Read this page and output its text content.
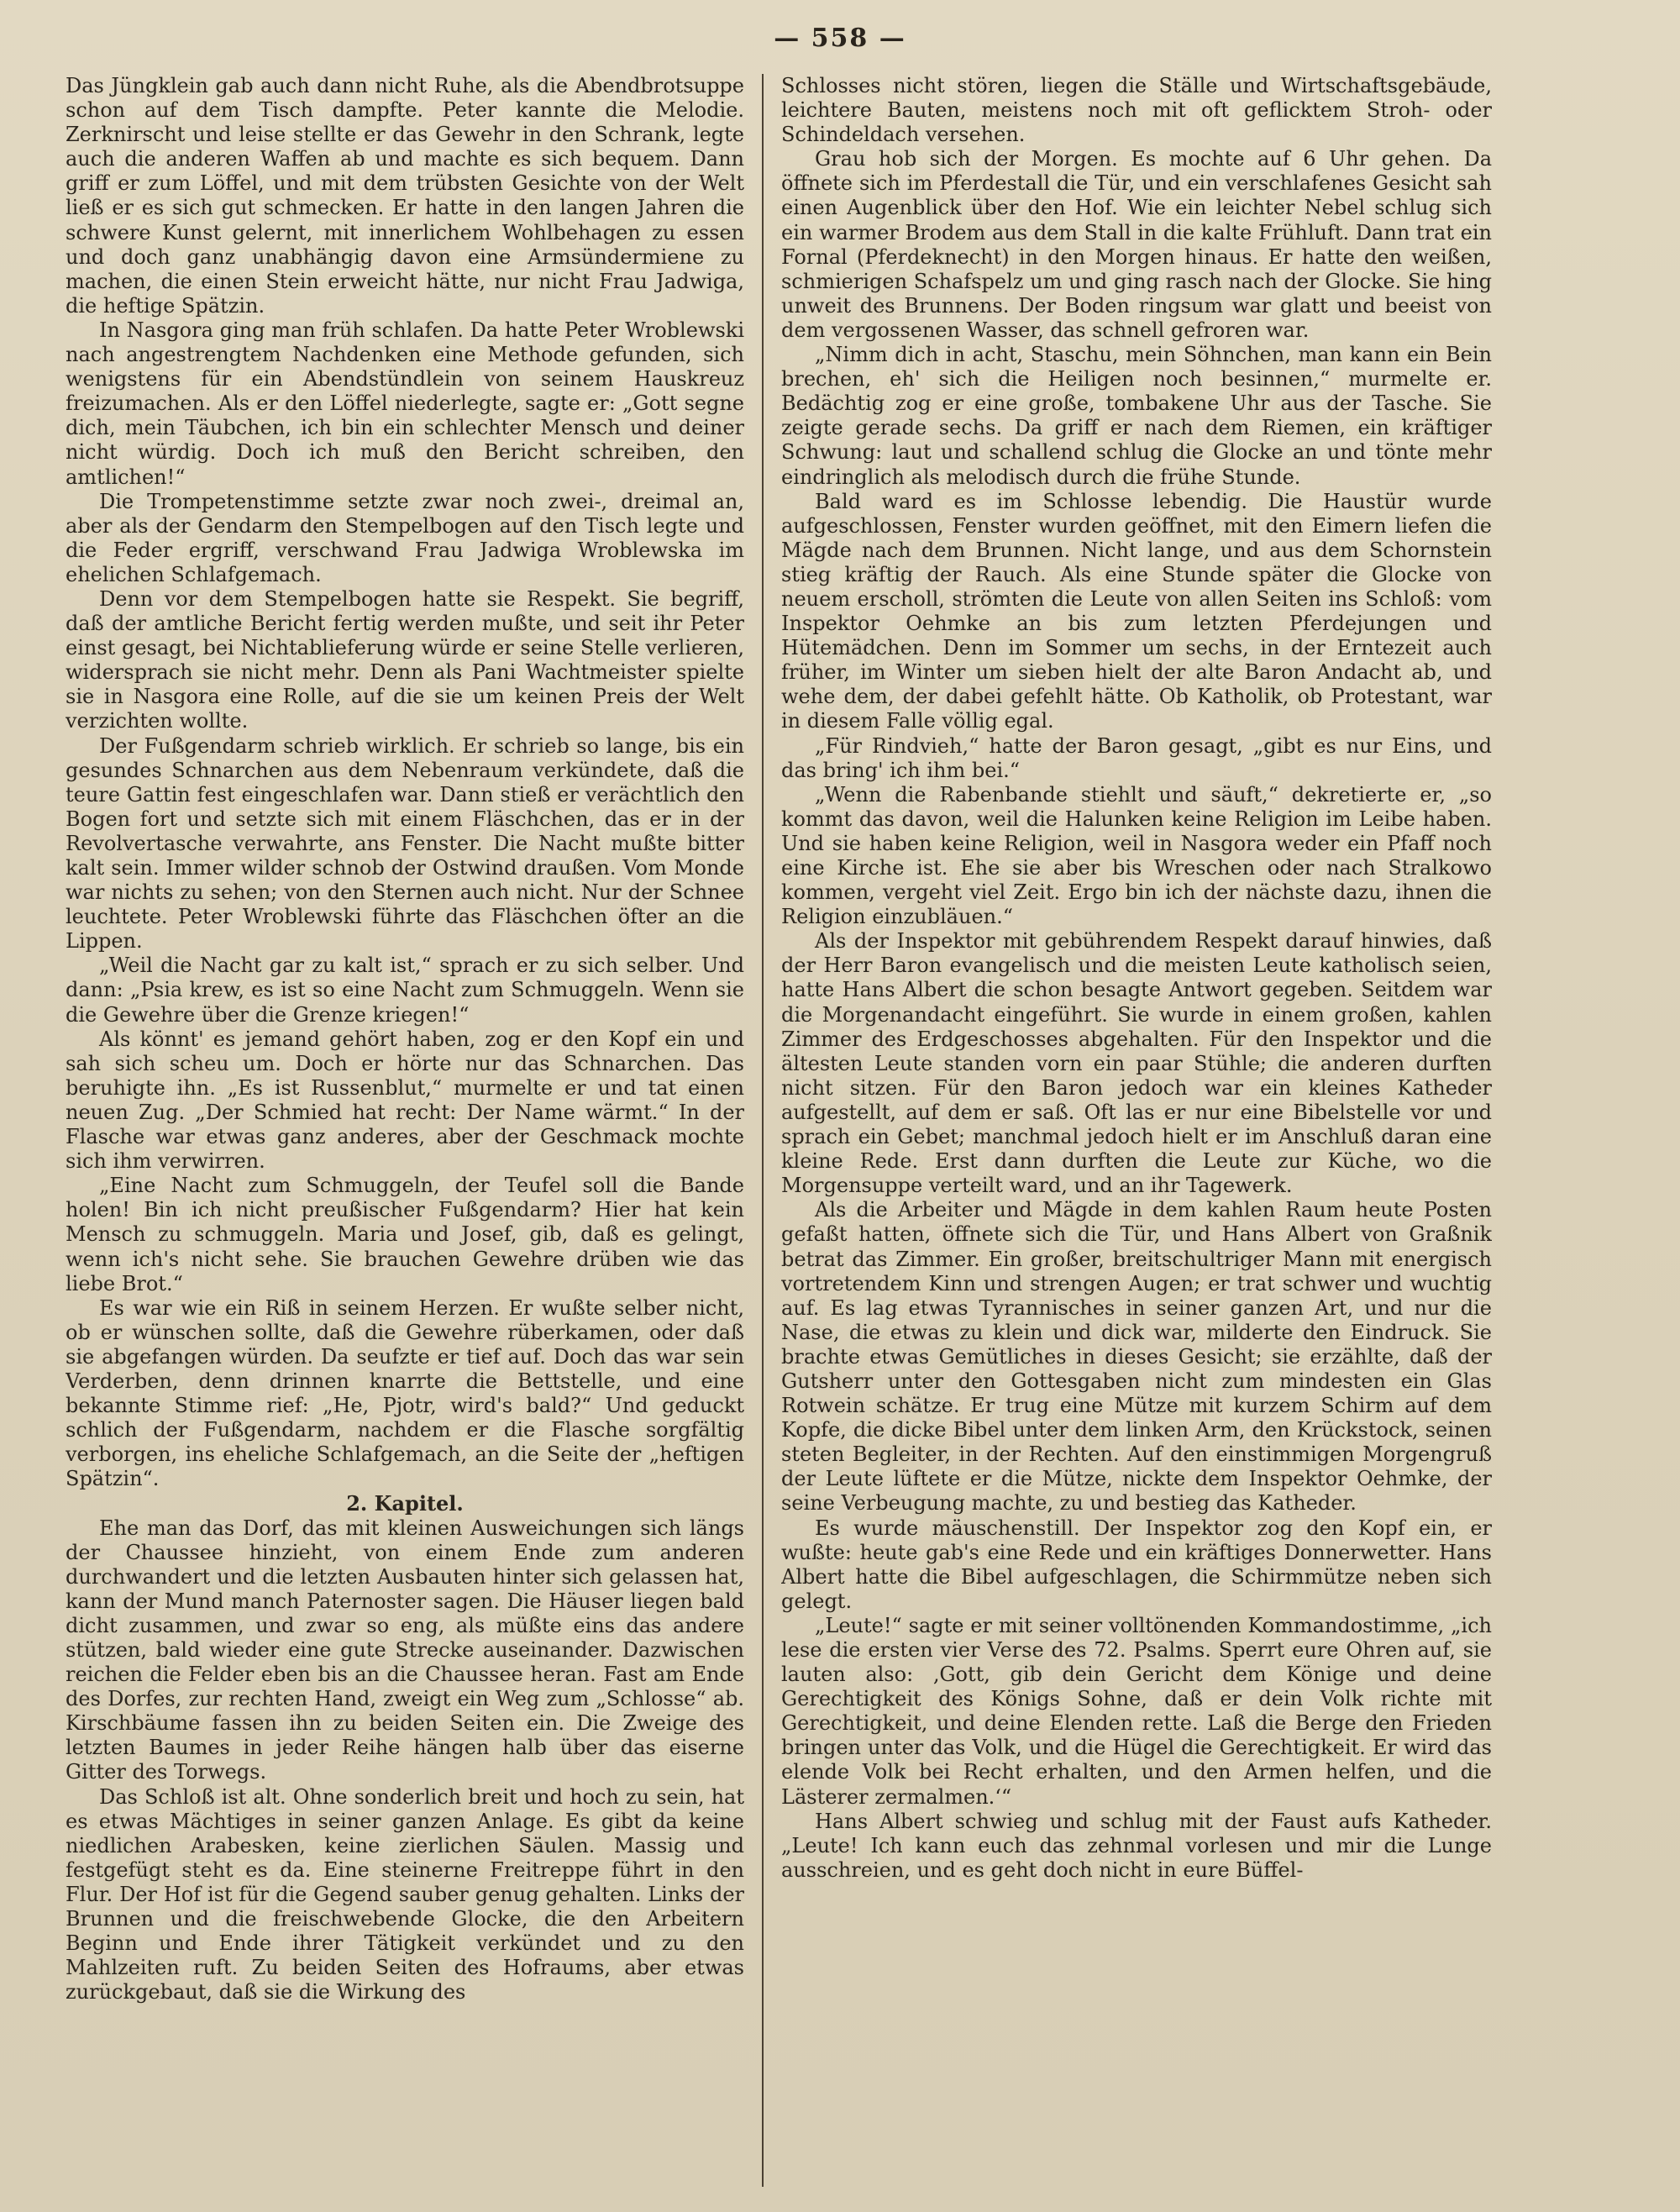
— 558 —

Das Jüngklein gab auch dann nicht Ruhe, als die Abendbrotsuppe schon auf dem Tisch dampfte. Peter kannte die Melodie. Zerknirscht und leise stellte er das Gewehr in den Schrank, legte auch die anderen Waffen ab und machte es sich bequem. Dann griff er zum Löffel, und mit dem trübsten Gesichte von der Welt ließ er es sich gut schmecken. Er hatte in den langen Jahren die schwere Kunst gelernt, mit innerlichem Wohlbehagen zu essen und doch ganz unabhängig davon eine Armsündermiene zu machen, die einen Stein erweicht hätte, nur nicht Frau Jadwiga, die heftige Spätzin.

In Nasgora ging man früh schlafen. Da hatte Peter Wroblewski nach angestrengtem Nachdenken eine Methode gefunden, sich wenigstens für ein Abendstündlein von seinem Hauskreuz freizumachen. Als er den Löffel niederlegte, sagte er: „Gott segne dich, mein Täubchen, ich bin ein schlechter Mensch und deiner nicht würdig. Doch ich muß den Bericht schreiben, den amtlichen!“

Die Trompetenstimme setzte zwar noch zwei-, dreimal an, aber als der Gendarm den Stempelbogen auf den Tisch legte und die Feder ergriff, verschwand Frau Jadwiga Wroblewska im ehelichen Schlafgemach.

Denn vor dem Stempelbogen hatte sie Respekt. Sie begriff, daß der amtliche Bericht fertig werden mußte, und seit ihr Peter einst gesagt, bei Nichtablieferung würde er seine Stelle verlieren, widersprach sie nicht mehr. Denn als Pani Wachtmeister spielte sie in Nasgora eine Rolle, auf die sie um keinen Preis der Welt verzichten wollte.

Der Fußgendarm schrieb wirklich. Er schrieb so lange, bis ein gesundes Schnarchen aus dem Nebenraum verkündete, daß die teure Gattin fest eingeschlafen war. Dann stieß er verächtlich den Bogen fort und setzte sich mit einem Fläschchen, das er in der Revolvertasche verwahrte, ans Fenster. Die Nacht mußte bitter kalt sein. Immer wilder schnob der Ostwind draußen. Vom Monde war nichts zu sehen; von den Sternen auch nicht. Nur der Schnee leuchtete. Peter Wroblewski führte das Fläschchen öfter an die Lippen.

„Weil die Nacht gar zu kalt ist,“ sprach er zu sich selber. Und dann: „Psia krew, es ist so eine Nacht zum Schmuggeln. Wenn sie die Gewehre über die Grenze kriegen!“

Als könnt' es jemand gehört haben, zog er den Kopf ein und sah sich scheu um. Doch er hörte nur das Schnarchen. Das beruhigte ihn. „Es ist Russenblut,“ murmelte er und tat einen neuen Zug. „Der Schmied hat recht: Der Name wärmt.“ In der Flasche war etwas ganz anderes, aber der Geschmack mochte sich ihm verwirren.

„Eine Nacht zum Schmuggeln, der Teufel soll die Bande holen! Bin ich nicht preußischer Fußgendarm? Hier hat kein Mensch zu schmuggeln. Maria und Josef, gib, daß es gelingt, wenn ich's nicht sehe. Sie brauchen Gewehre drüben wie das liebe Brot.“

Es war wie ein Riß in seinem Herzen. Er wußte selber nicht, ob er wünschen sollte, daß die Gewehre rüberkamen, oder daß sie abgefangen würden. Da seufzte er tief auf. Doch das war sein Verderben, denn drinnen knarrte die Bettstelle, und eine bekannte Stimme rief: „He, Pjotr, wird's bald?“ Und geduckt schlich der Fußgendarm, nachdem er die Flasche sorgfältig verborgen, ins eheliche Schlafgemach, an die Seite der „heftigen Spätzin“.

2. Kapitel.

Ehe man das Dorf, das mit kleinen Ausweichungen sich längs der Chaussee hinzieht, von einem Ende zum anderen durchwandert und die letzten Ausbauten hinter sich gelassen hat, kann der Mund manch Paternoster sagen. Die Häuser liegen bald dicht zusammen, und zwar so eng, als müßte eins das andere stützen, bald wieder eine gute Strecke auseinander. Dazwischen reichen die Felder eben bis an die Chaussee heran. Fast am Ende des Dorfes, zur rechten Hand, zweigt ein Weg zum „Schlosse“ ab. Kirschbäume fassen ihn zu beiden Seiten ein. Die Zweige des letzten Baumes in jeder Reihe hängen halb über das eiserne Gitter des Torwegs.

Das Schloß ist alt. Ohne sonderlich breit und hoch zu sein, hat es etwas Mächtiges in seiner ganzen Anlage. Es gibt da keine niedlichen Arabesken, keine zierlichen Säulen. Massig und festgefügt steht es da. Eine steinerne Freitreppe führt in den Flur. Der Hof ist für die Gegend sauber genug gehalten. Links der Brunnen und die freischwebende Glocke, die den Arbeitern Beginn und Ende ihrer Tätigkeit verkündet und zu den Mahlzeiten ruft. Zu beiden Seiten des Hofraums, aber etwas zurückgebaut, daß sie die Wirkung des

Schlosses nicht stören, liegen die Ställe und Wirtschaftsgebäude, leichtere Bauten, meistens noch mit oft geflicktem Stroh- oder Schindeldach versehen.

Grau hob sich der Morgen. Es mochte auf 6 Uhr gehen. Da öffnete sich im Pferdestall die Tür, und ein verschlafenes Gesicht sah einen Augenblick über den Hof. Wie ein leichter Nebel schlug sich ein warmer Brodem aus dem Stall in die kalte Frühluft. Dann trat ein Fornal (Pferdeknecht) in den Morgen hinaus. Er hatte den weißen, schmierigen Schafspelz um und ging rasch nach der Glocke. Sie hing unweit des Brunnens. Der Boden ringsum war glatt und beeist von dem vergossenen Wasser, das schnell gefroren war.

„Nimm dich in acht, Staschu, mein Söhnchen, man kann ein Bein brechen, eh' sich die Heiligen noch besinnen,“ murmelte er. Bedächtig zog er eine große, tombakene Uhr aus der Tasche. Sie zeigte gerade sechs. Da griff er nach dem Riemen, ein kräftiger Schwung: laut und schallend schlug die Glocke an und tönte mehr eindringlich als melodisch durch die frühe Stunde.

Bald ward es im Schlosse lebendig. Die Haustür wurde aufgeschlossen, Fenster wurden geöffnet, mit den Eimern liefen die Mägde nach dem Brunnen. Nicht lange, und aus dem Schornstein stieg kräftig der Rauch. Als eine Stunde später die Glocke von neuem erscholl, strömten die Leute von allen Seiten ins Schloß: vom Inspektor Oehmke an bis zum letzten Pferdejungen und Hütemädchen. Denn im Sommer um sechs, in der Erntezeit auch früher, im Winter um sieben hielt der alte Baron Andacht ab, und wehe dem, der dabei gefehlt hätte. Ob Katholik, ob Protestant, war in diesem Falle völlig egal.

„Für Rindvieh,“ hatte der Baron gesagt, „gibt es nur Eins, und das bring' ich ihm bei.“

„Wenn die Rabenbande stiehlt und säuft,“ dekretierte er, „so kommt das davon, weil die Halunken keine Religion im Leibe haben. Und sie haben keine Religion, weil in Nasgora weder ein Pfaff noch eine Kirche ist. Ehe sie aber bis Wreschen oder nach Stralkowo kommen, vergeht viel Zeit. Ergo bin ich der nächste dazu, ihnen die Religion einzubläuen.“

Als der Inspektor mit gebührendem Respekt darauf hinwies, daß der Herr Baron evangelisch und die meisten Leute katholisch seien, hatte Hans Albert die schon besagte Antwort gegeben. Seitdem war die Morgenandacht eingeführt. Sie wurde in einem großen, kahlen Zimmer des Erdgeschosses abgehalten. Für den Inspektor und die ältesten Leute standen vorn ein paar Stühle; die anderen durften nicht sitzen. Für den Baron jedoch war ein kleines Katheder aufgestellt, auf dem er saß. Oft las er nur eine Bibelstelle vor und sprach ein Gebet; manchmal jedoch hielt er im Anschluß daran eine kleine Rede. Erst dann durften die Leute zur Küche, wo die Morgensuppe verteilt ward, und an ihr Tagewerk.

Als die Arbeiter und Mägde in dem kahlen Raum heute Posten gefaßt hatten, öffnete sich die Tür, und Hans Albert von Graßnik betrat das Zimmer. Ein großer, breitschultriger Mann mit energisch vortretendem Kinn und strengen Augen; er trat schwer und wuchtig auf. Es lag etwas Tyrannisches in seiner ganzen Art, und nur die Nase, die etwas zu klein und dick war, milderte den Eindruck. Sie brachte etwas Gemütliches in dieses Gesicht; sie erzählte, daß der Gutsherr unter den Gottesgaben nicht zum mindesten ein Glas Rotwein schätze. Er trug eine Mütze mit kurzem Schirm auf dem Kopfe, die dicke Bibel unter dem linken Arm, den Krückstock, seinen steten Begleiter, in der Rechten. Auf den einstimmigen Morgengruß der Leute lüftete er die Mütze, nickte dem Inspektor Oehmke, der seine Verbeugung machte, zu und bestieg das Katheder.

Es wurde mäuschenstill. Der Inspektor zog den Kopf ein, er wußte: heute gab's eine Rede und ein kräftiges Donnerwetter. Hans Albert hatte die Bibel aufgeschlagen, die Schirmmütze neben sich gelegt.

„Leute!“ sagte er mit seiner volltönenden Kommandostimme, „ich lese die ersten vier Verse des 72. Psalms. Sperrt eure Ohren auf, sie lauten also: ‚Gott, gib dein Gericht dem Könige und deine Gerechtigkeit des Königs Sohne, daß er dein Volk richte mit Gerechtigkeit, und deine Elenden rette. Laß die Berge den Frieden bringen unter das Volk, und die Hügel die Gerechtigkeit. Er wird das elende Volk bei Recht erhalten, und den Armen helfen, und die Lästerer zermalmen.‘“

Hans Albert schwieg und schlug mit der Faust aufs Katheder. „Leute! Ich kann euch das zehnmal vorlesen und mir die Lunge ausschreien, und es geht doch nicht in eure Büffel-
